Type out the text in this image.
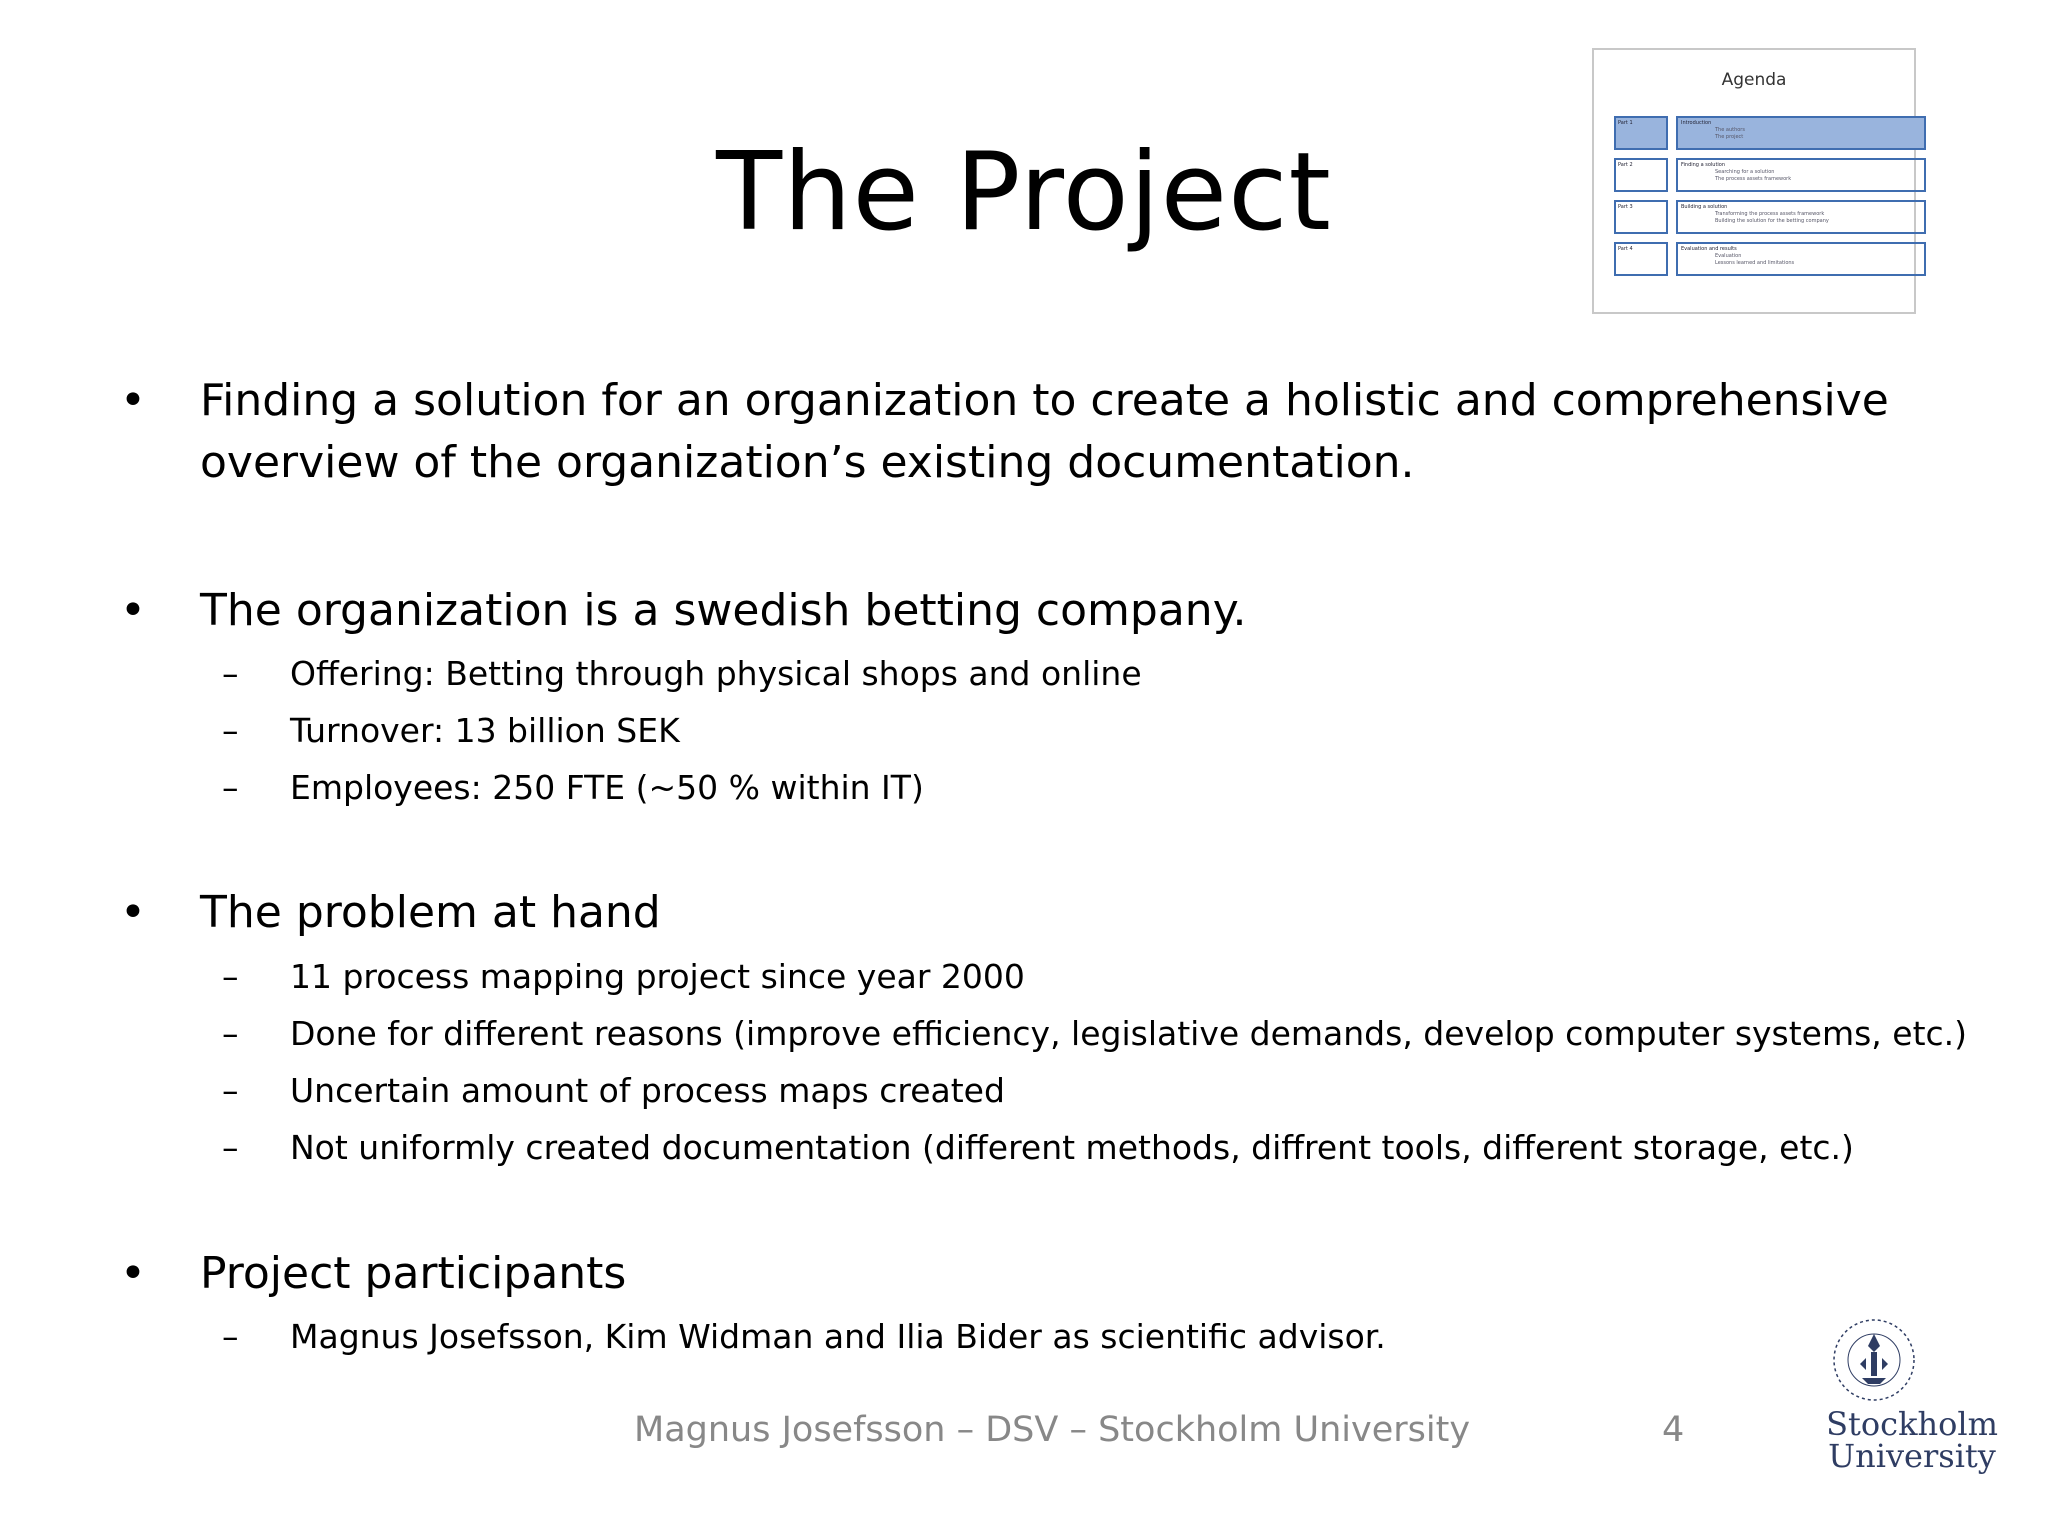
The Project
Agenda
Part 1	Introduction
The authors
The project
Part 2	Finding a solution
Searching for a solution
The process assets framework
Part 3	Building a solution
Transforming the process assets framework
Building the solution for the betting company
Part 4	Evaluation and results
Evaluation
Lessons learned and limitations
•	Finding a solution for an organization to create a holistic and comprehensive overview of the organization’s existing documentation.
•	The organization is a swedish betting company.
– Offering: Betting through physical shops and online
– Turnover: 13 billion SEK
– Employees: 250 FTE (~50 % within IT)
•	The problem at hand
– 11 process mapping project since year 2000
– Done for different reasons (improve efficiency, legislative demands, develop computer systems, etc.)
– Uncertain amount of process maps created
– Not uniformly created documentation (different methods, diffrent tools, different storage, etc.)
•	Project participants
– Magnus Josefsson, Kim Widman and Ilia Bider as scientific advisor.
Magnus Josefsson – DSV – Stockholm University	4	Stockholm
University
